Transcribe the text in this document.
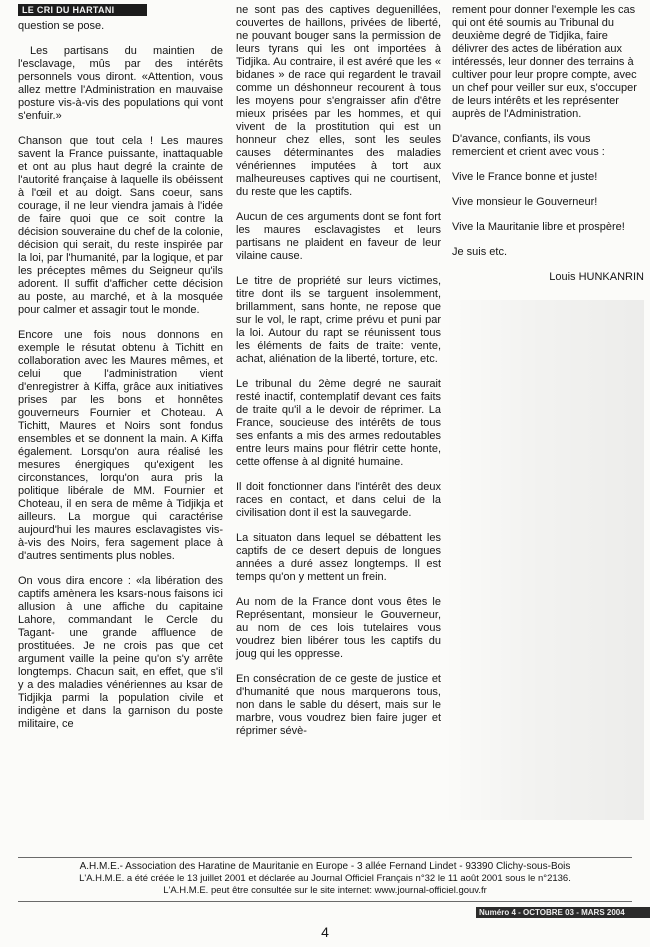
LE CRI DU HARTANI

question se pose.

Les partisans du maintien de l'esclavage, mûs par des intérêts personnels vous diront. «Attention, vous allez mettre l'Administration en mauvaise posture vis-à-vis des populations qui vont s'enfuir.»

Chanson que tout cela ! Les maures savent la France puissante, inattaquable et ont au plus haut degré la crainte de l'autorité française à laquelle ils obéissent à l'œil et au doigt. Sans coeur, sans courage, il ne leur viendra jamais à l'idée de faire quoi que ce soit contre la décision souveraine du chef de la colonie, décision qui serait, du reste inspirée par la loi, par l'humanité, par la logique, et par les préceptes mêmes du Seigneur qu'ils adorent. Il suffit d'afficher cette décision au poste, au marché, et à la mosquée pour calmer et assagir tout le monde.

Encore une fois nous donnons en exemple le résutat obtenu à Tichitt en collaboration avec les Maures mêmes, et celui que l'administration vient d'enregistrer à Kiffa, grâce aux initiatives prises par les bons et honnêtes gouverneurs Fournier et Choteau. A Tichitt, Maures et Noirs sont fondus ensembles et se donnent la main. A Kiffa également. Lorsqu'on aura réalisé les mesures énergiques qu'exigent les circonstances, lorqu'on aura pris la politique libérale de MM. Fournier et Choteau, il en sera de même à Tidjikja et ailleurs. La morgue qui caractérise aujourd'hui les maures esclavagistes vis-à-vis des Noirs, fera sagement place à d'autres sentiments plus nobles.

On vous dira encore : «la libération des captifs amènera les ksars-nous faisons ici allusion à une affiche du capitaine Lahore, commandant le Cercle du Tagant- une grande affluence de prostituées. Je ne crois pas que cet argument vaille la peine qu'on s'y arrête longtemps. Chacun sait, en effet, que s'il y a des maladies vénériennes au ksar de Tidjikja parmi la population civile et indigène et dans la garnison du poste militaire, ce

ne sont pas des captives deguenillées, couvertes de haillons, privées de liberté, ne pouvant bouger sans la permission de leurs tyrans qui les ont importées à Tidjika. Au contraire, il est avéré que les « bidanes » de race qui regardent le travail comme un déshonneur recourent à tous les moyens pour s'engraisser afin d'être mieux prisées par les hommes, et qui vivent de la prostitution qui est un honneur chez elles, sont les seules causes déterminantes des maladies vénériennes imputées à tort aux malheureuses captives qui ne courtisent, du reste que les captifs.

Aucun de ces arguments dont se font fort les maures esclavagistes et leurs partisans ne plaident en faveur de leur vilaine cause.

Le titre de propriété sur leurs victimes, titre dont ils se targuent insolemment, brillamment, sans honte, ne repose que sur le vol, le rapt, crime prévu et puni par la loi. Autour du rapt se réunissent tous les éléments de faits de traite: vente, achat, aliénation de la liberté, torture, etc.

Le tribunal du 2ème degré ne saurait resté inactif, contemplatif devant ces faits de traite qu'il a le devoir de réprimer. La France, soucieuse des intérêts de tous ses enfants a mis des armes redoutables entre leurs mains pour flétrir cette honte, cette offense à al dignité humaine.

Il doit fonctionner dans l'intérêt des deux races en contact, et dans celui de la civilisation dont il est la sauvegarde.

La situaton dans lequel se débattent les captifs de ce desert depuis de longues années a duré assez longtemps. Il est temps qu'on y mettent un frein.

Au nom de la France dont vous êtes le Représentant, monsieur le Gouverneur, au nom de ces lois tutelaires vous voudrez bien libérer tous les captifs du joug qui les oppresse.

En consécration de ce geste de justice et d'humanité que nous marquerons tous, non dans le sable du désert, mais sur le marbre, vous voudrez bien faire juger et réprimer sévè-

rement pour donner l'exemple les cas qui ont été soumis au Tribunal du deuxième degré de Tidjika, faire délivrer des actes de libération aux intéressés, leur donner des terrains à cultiver pour leur propre compte, avec un chef pour veiller sur eux, s'occuper de leurs intérêts et les représenter auprès de l'Administration.

D'avance, confiants, ils vous remercient et crient avec vous :

Vive le France bonne et juste!

Vive monsieur le Gouverneur!

Vive la Mauritanie libre et prospère!

Je suis etc.

Louis HUNKANRIN

A.H.M.E.- Association des Haratine de Mauritanie en Europe - 3 allée Fernand Lindet - 93390 Clichy-sous-Bois
L'A.H.M.E. a été créée le 13 juillet 2001 et déclarée au Journal Officiel Français n°32 le 11 août 2001 sous le n°2136.
L'A.H.M.E. peut être consultée sur le site internet: www.journal-officiel.gouv.fr
Numéro 4 - OCTOBRE 03 - MARS 2004
4
